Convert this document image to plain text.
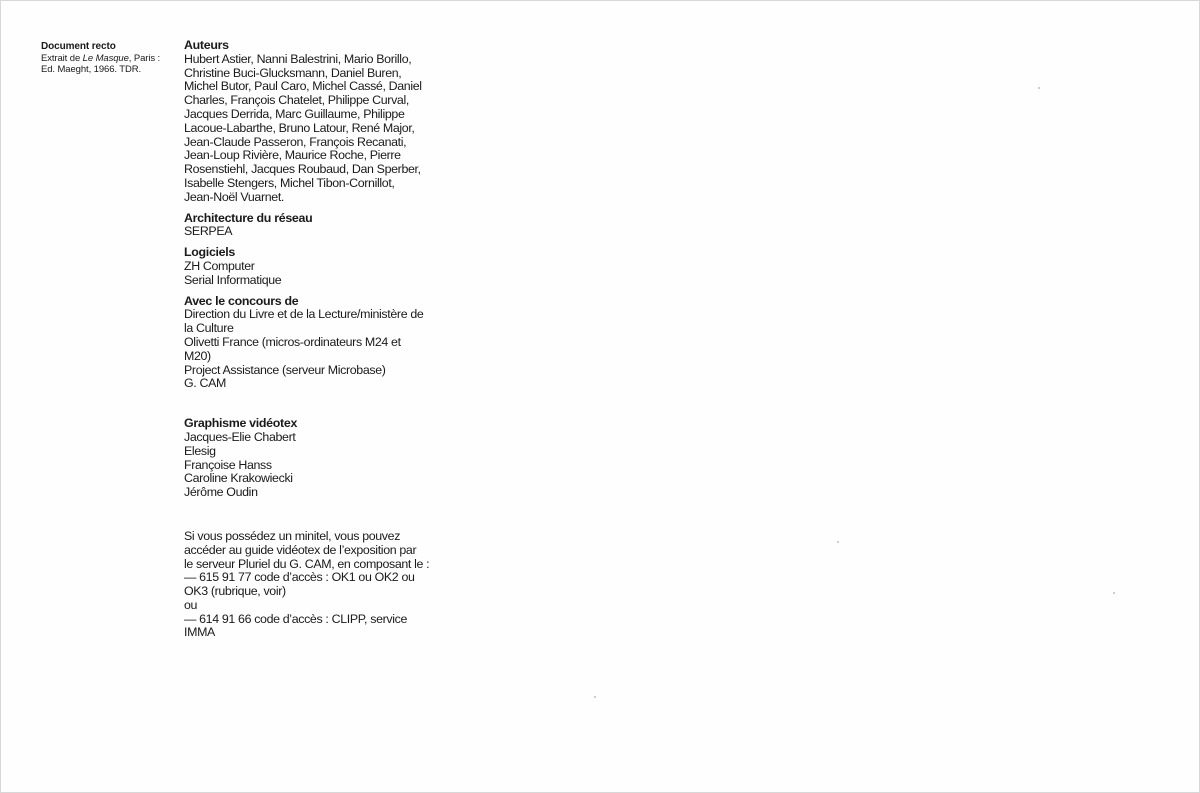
Document recto
Extrait de Le Masque, Paris :
Ed. Maeght, 1966. TDR.
Auteurs

Hubert Astier, Nanni Balestrini, Mario Borillo,
Christine Buci-Glucksmann, Daniel Buren,
Michel Butor, Paul Caro, Michel Cassé, Daniel
Charles, François Chatelet, Philippe Curval,
Jacques Derrida, Marc Guillaume, Philippe
Lacoue-Labarthe, Bruno Latour, René Major,
Jean-Claude Passeron, François Recanati,
Jean-Loup Rivière, Maurice Roche, Pierre
Rosenstiehl, Jacques Roubaud, Dan Sperber,
Isabelle Stengers, Michel Tibon-Cornillot,
Jean-Noël Vuarnet.

Architecture du réseau

SERPEA

Logiciels

ZH Computer
Serial Informatique

Avec le concours de

Direction du Livre et de la Lecture/ministère de
la Culture
Olivetti France (micros-ordinateurs M24 et
M20)
Project Assistance (serveur Microbase)
G. CAM

Graphisme vidéotex

Jacques-Elie Chabert
Elesig
Françoise Hanss
Caroline Krakowiecki
Jérôme Oudin

Si vous possédez un minitel, vous pouvez
accéder au guide vidéotex de l’exposition par
le serveur Pluriel du G. CAM, en composant le :
— 615 91 77 code d’accès : OK1 ou OK2 ou
OK3 (rubrique, voir)
ou
— 614 91 66 code d’accès : CLIPP, service
IMMA
